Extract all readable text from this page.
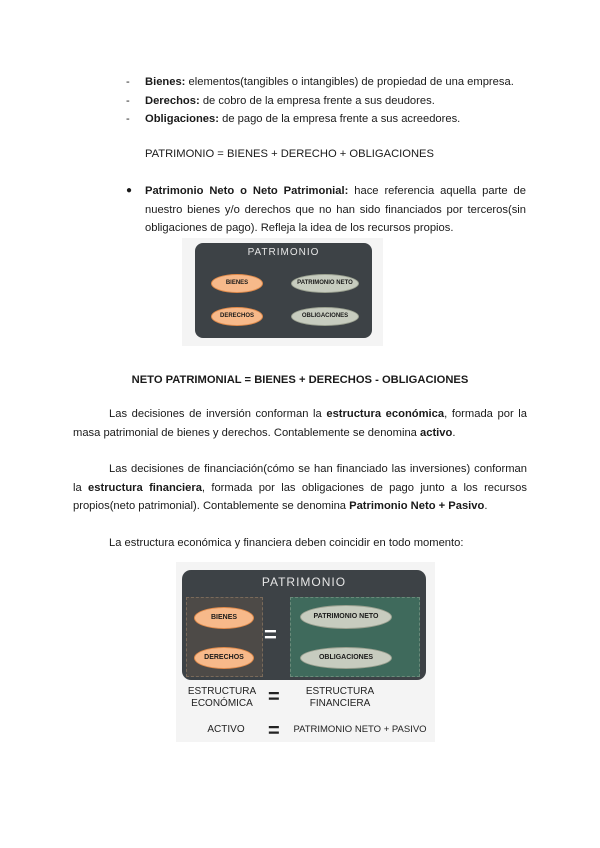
- Bienes: elementos(tangibles o intangibles) de propiedad de una empresa.
- Derechos: de cobro de la empresa frente a sus deudores.
- Obligaciones: de pago de la empresa frente a sus acreedores.
PATRIMONIO = BIENES + DERECHO + OBLIGACIONES
● Patrimonio Neto o Neto Patrimonial: hace referencia aquella parte de nuestro bienes y/o derechos que no han sido financiados por terceros(sin obligaciones de pago). Refleja la idea de los recursos propios.
PATRIMONIO
BIENES	PATRIMONIO NETO
DERECHOS	OBLIGACIONES
NETO PATRIMONIAL = BIENES + DERECHOS - OBLIGACIONES
Las decisiones de inversión conforman la estructura económica, formada por la masa patrimonial de bienes y derechos. Contablemente se denomina activo.
Las decisiones de financiación(cómo se han financiado las inversiones) conforman la estructura financiera, formada por las obligaciones de pago junto a los recursos propios(neto patrimonial). Contablemente se denomina Patrimonio Neto + Pasivo.
La estructura económica y financiera deben coincidir en todo momento:
PATRIMONIO
=
BIENES
DERECHOS
PATRIMONIO NETO
OBLIGACIONES
ESTRUCTURA ECONÓMICA =	ESTRUCTURA FINANCIERA
ACTIVO	=	PATRIMONIO NETO + PASIVO
